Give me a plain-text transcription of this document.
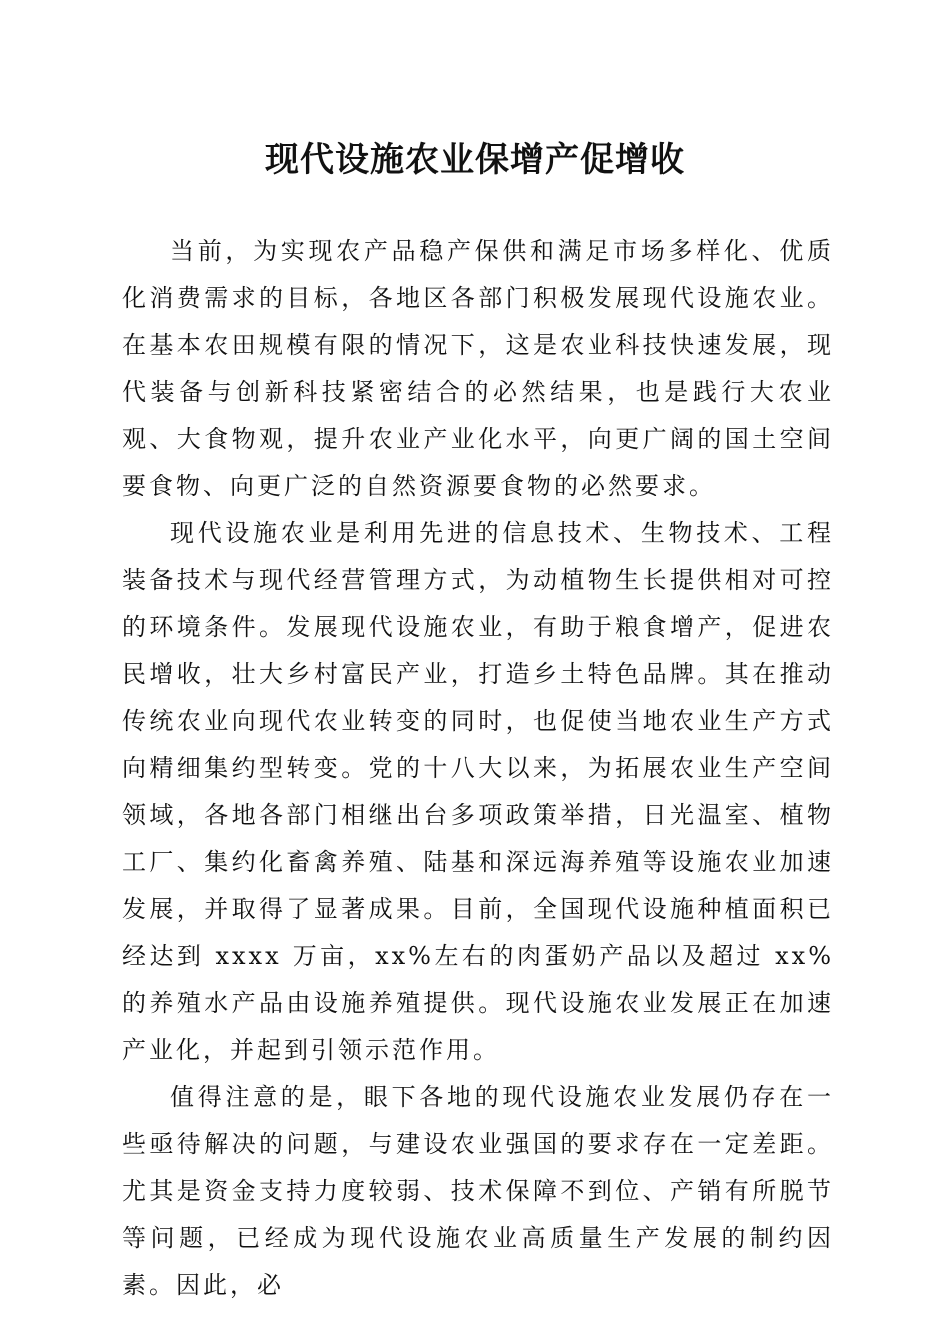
现代设施农业保增产促增收

当前，为实现农产品稳产保供和满足市场多样化、优质化消费需求的目标，各地区各部门积极发展现代设施农业。在基本农田规模有限的情况下，这是农业科技快速发展，现代装备与创新科技紧密结合的必然结果，也是践行大农业观、大食物观，提升农业产业化水平，向更广阔的国土空间要食物、向更广泛的自然资源要食物的必然要求。

现代设施农业是利用先进的信息技术、生物技术、工程装备技术与现代经营管理方式，为动植物生长提供相对可控的环境条件。发展现代设施农业，有助于粮食增产，促进农民增收，壮大乡村富民产业，打造乡土特色品牌。其在推动传统农业向现代农业转变的同时，也促使当地农业生产方式向精细集约型转变。党的十八大以来，为拓展农业生产空间领域，各地各部门相继出台多项政策举措，日光温室、植物工厂、集约化畜禽养殖、陆基和深远海养殖等设施农业加速发展，并取得了显著成果。目前，全国现代设施种植面积已经达到 xxxx 万亩，xx%左右的肉蛋奶产品以及超过 xx%的养殖水产品由设施养殖提供。现代设施农业发展正在加速产业化，并起到引领示范作用。

值得注意的是，眼下各地的现代设施农业发展仍存在一些亟待解决的问题，与建设农业强国的要求存在一定差距。尤其是资金支持力度较弱、技术保障不到位、产销有所脱节等问题，已经成为现代设施农业高质量生产发展的制约因素。因此，必
